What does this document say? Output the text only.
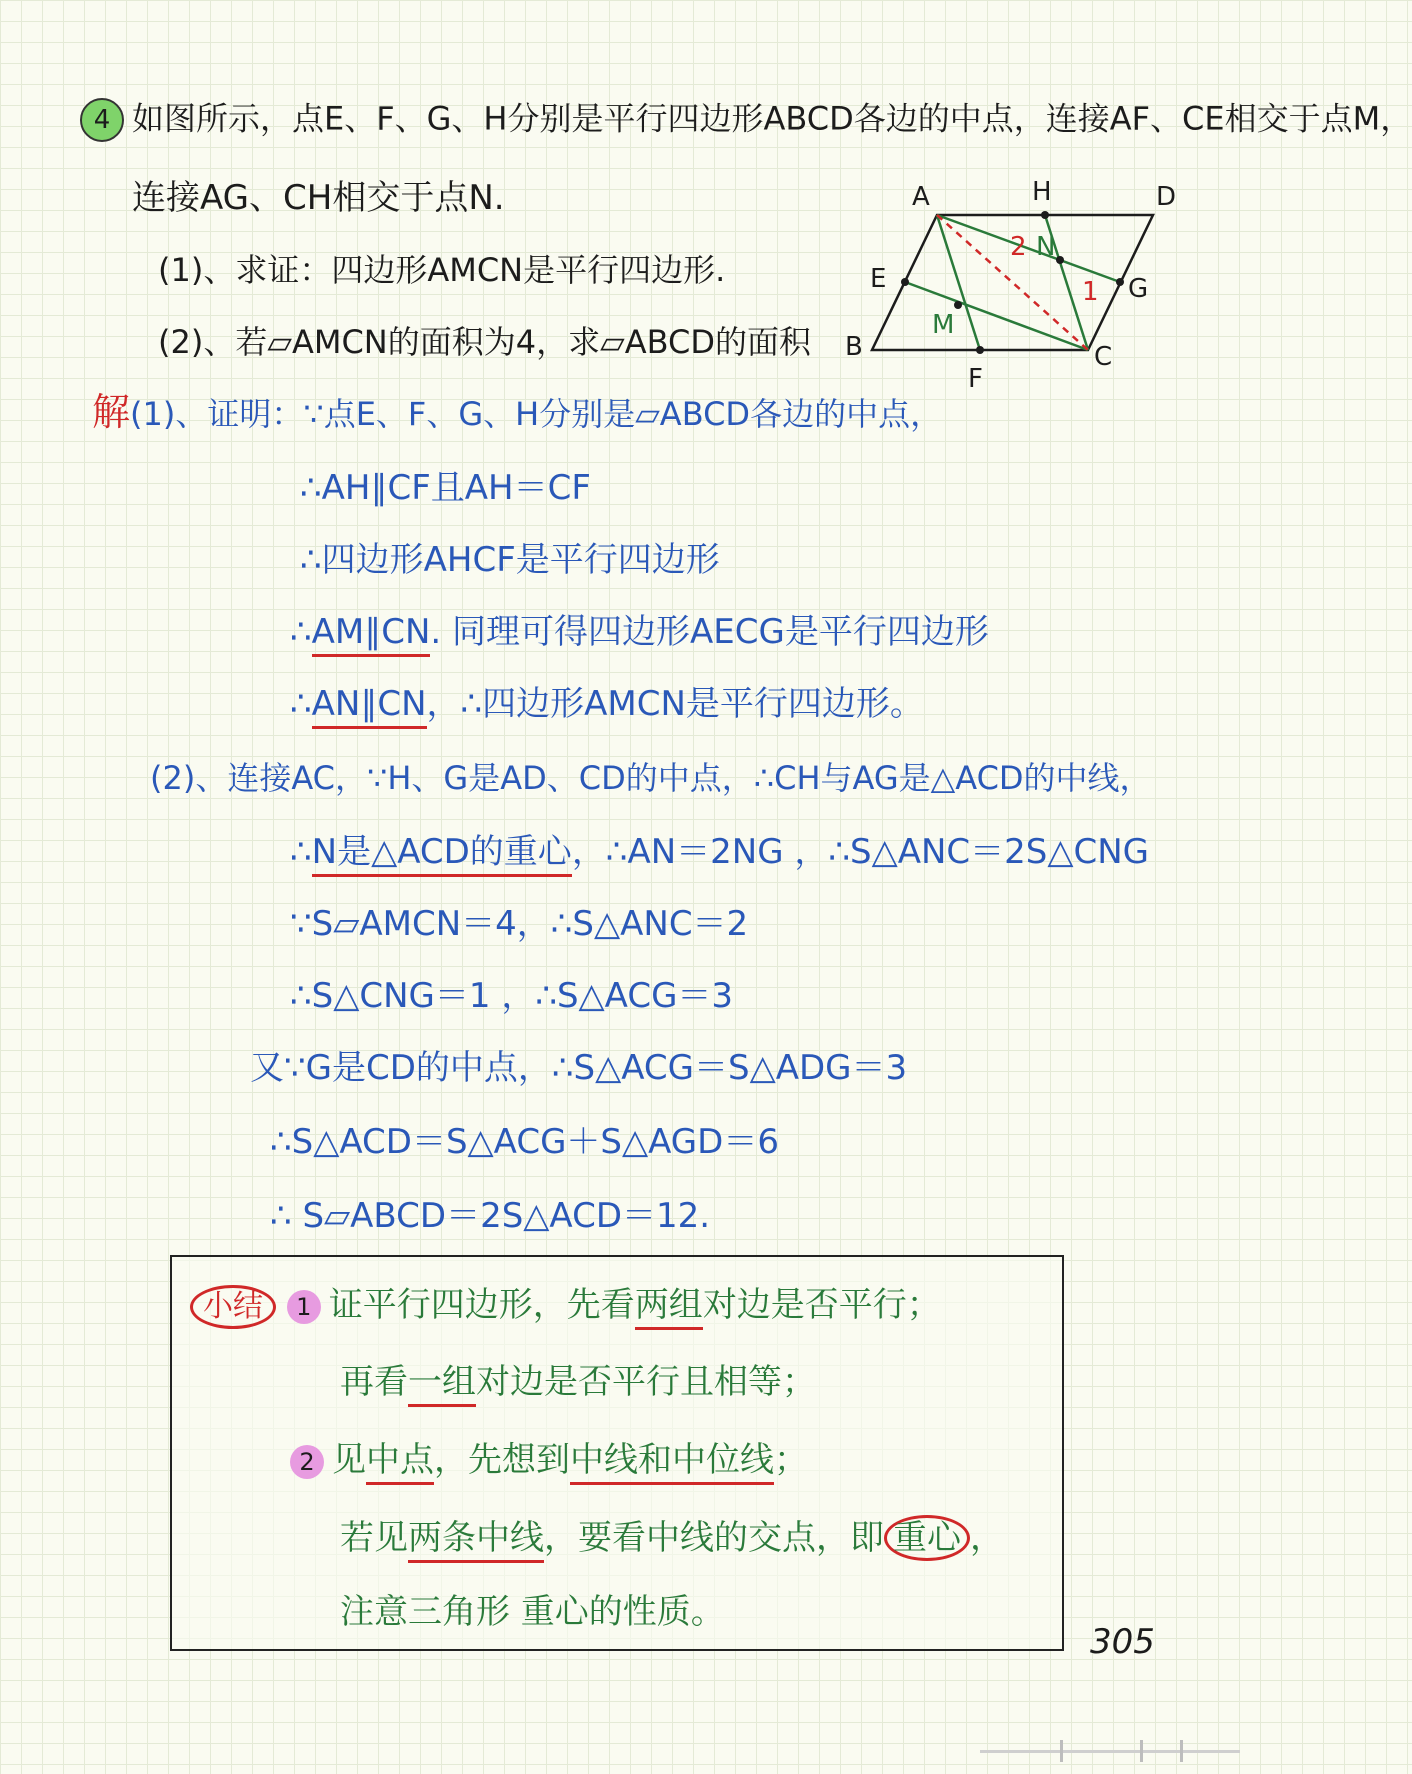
4 如图所示，点E、F、G、H分别是平行四边形ABCD各边的中点，连接AF、CE相交于点M，
连接AG、CH相交于点N.
(1)、求证：四边形AMCN是平行四边形.
(2)、若▱AMCN的面积为4，求▱ABCD的面积
A	H	D
E
B
F
C
G
M
N
2
1
解(1)、证明：∵点E、F、G、H分别是▱ABCD各边的中点，
∴AH∥CF且AH＝CF
∴四边形AHCF是平行四边形
∴AM∥CN. 同理可得四边形AECG是平行四边形
∴AN∥CN，∴四边形AMCN是平行四边形。
(2)、连接AC，∵H、G是AD、CD的中点，∴CH与AG是△ACD的中线，
∴N是△ACD的重心，∴AN＝2NG ，∴S△ANC＝2S△CNG
∵S▱AMCN＝4，∴S△ANC＝2
∴S△CNG＝1 ，∴S△ACG＝3
又∵G是CD的中点，∴S△ACG＝S△ADG＝3
∴S△ACD＝S△ACG＋S△AGD＝6
∴ S▱ABCD＝2S△ACD＝12.
小结 1 证平行四边形，先看两组对边是否平行；
再看一组对边是否平行且相等；
2 见中点，先想到中线和中位线；
若见两条中线，要看中线的交点，即 重心 ，
注意三角形 重心的性质。
305
